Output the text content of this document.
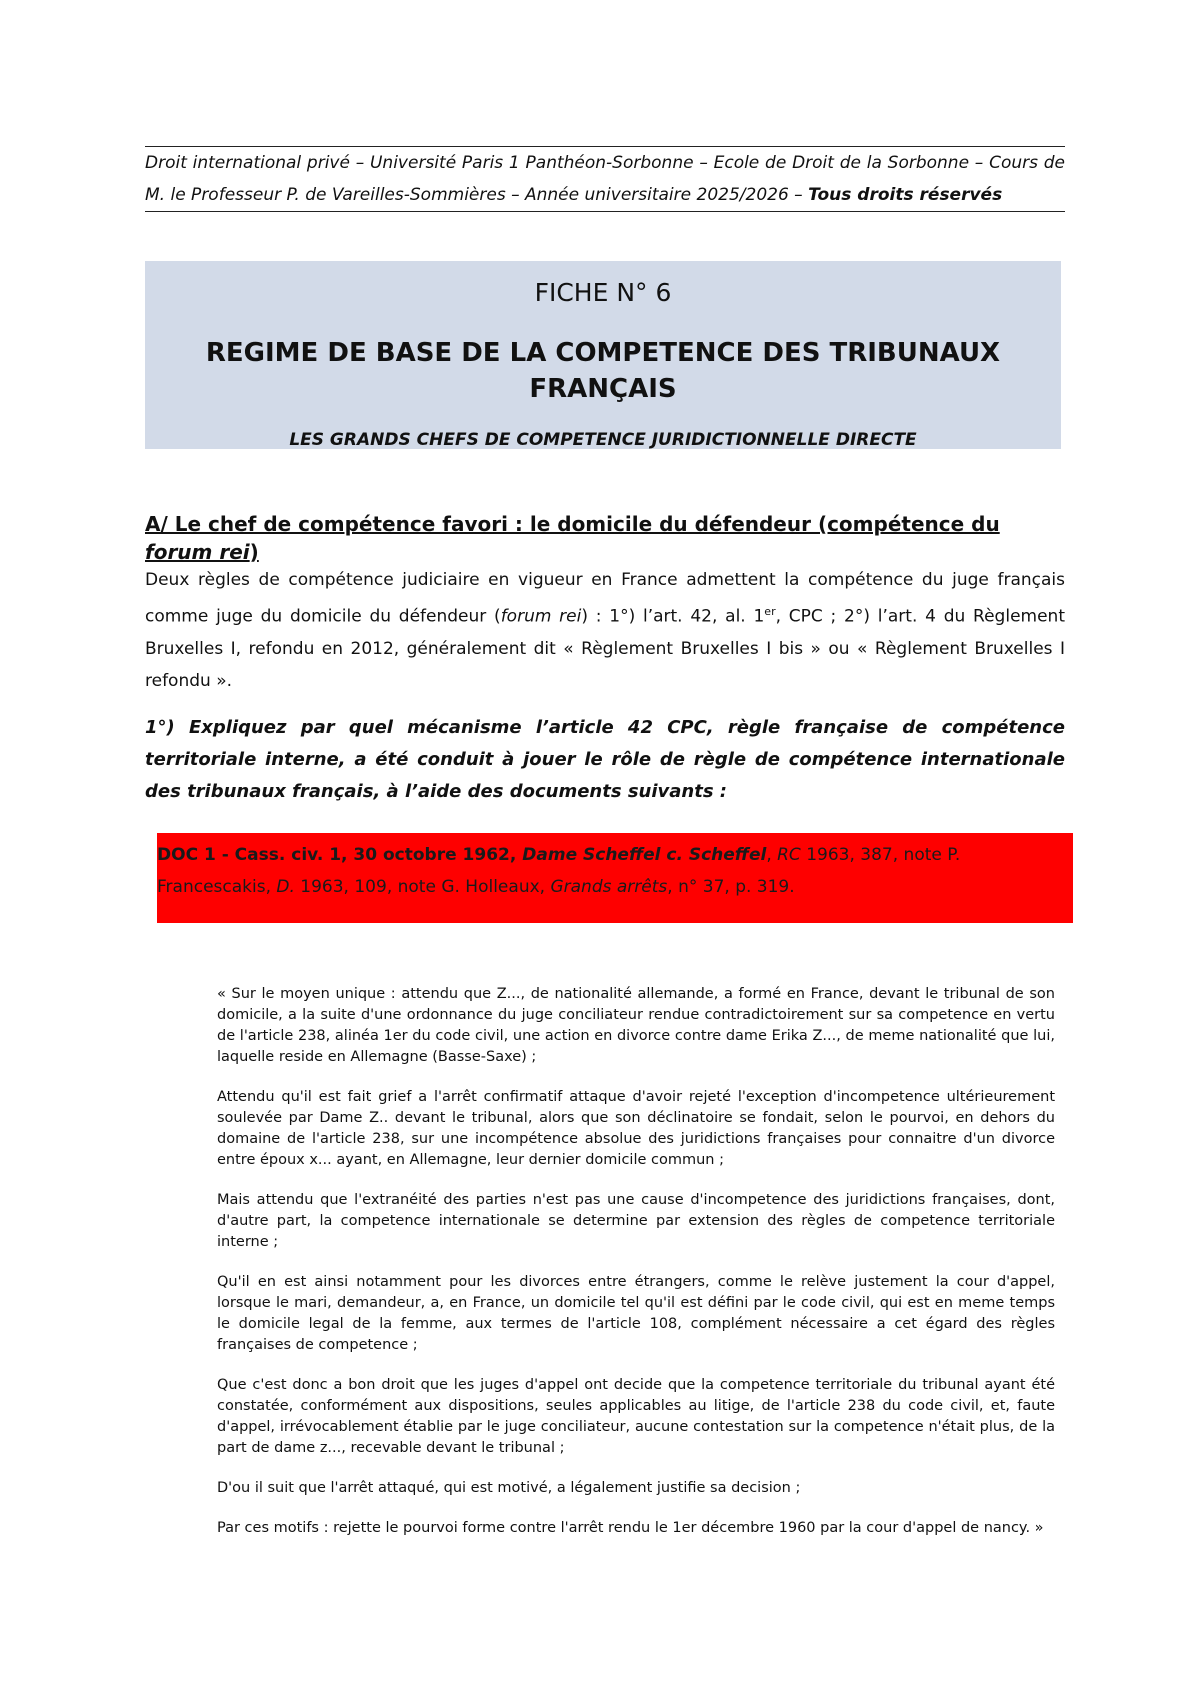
Droit international privé – Université Paris 1 Panthéon-Sorbonne – Ecole de Droit de la Sorbonne – Cours de M. le Professeur P. de Vareilles-Sommières – Année universitaire 2025/2026 – Tous droits réservés
FICHE N° 6
REGIME DE BASE DE LA COMPETENCE DES TRIBUNAUX FRANÇAIS
LES GRANDS CHEFS DE COMPETENCE JURIDICTIONNELLE DIRECTE
A/ Le chef de compétence favori : le domicile du défendeur (compétence du forum rei)
Deux règles de compétence judiciaire en vigueur en France admettent la compétence du juge français comme juge du domicile du défendeur (forum rei) : 1°) l’art. 42, al. 1er, CPC ; 2°) l’art. 4 du Règlement Bruxelles I, refondu en 2012, généralement dit « Règlement Bruxelles I bis » ou « Règlement Bruxelles I refondu ».
1°) Expliquez par quel mécanisme l’article 42 CPC, règle française de compétence territoriale interne, a été conduit à jouer le rôle de règle de compétence internationale des tribunaux français, à l’aide des documents suivants :
DOC 1 - Cass. civ. 1, 30 octobre 1962, Dame Scheffel c. Scheffel, RC 1963, 387, note P. Francescakis, D. 1963, 109, note G. Holleaux, Grands arrêts, n° 37, p. 319.

« Sur le moyen unique : attendu que Z..., de nationalité allemande, a formé en France, devant le tribunal de son domicile, a la suite d'une ordonnance du juge conciliateur rendue contradictoirement sur sa competence en vertu de l'article 238, alinéa 1er du code civil, une action en divorce contre dame Erika Z..., de meme nationalité que lui, laquelle reside en Allemagne (Basse-Saxe) ;

Attendu qu'il est fait grief a l'arrêt confirmatif attaque d'avoir rejeté l'exception d'incompetence ultérieurement soulevée par Dame Z.. devant le tribunal, alors que son déclinatoire se fondait, selon le pourvoi, en dehors du domaine de l'article 238, sur une incompétence absolue des juridictions françaises pour connaitre d'un divorce entre époux x... ayant, en Allemagne, leur dernier domicile commun ;

Mais attendu que l'extranéité des parties n'est pas une cause d'incompetence des juridictions françaises, dont, d'autre part, la competence internationale se determine par extension des règles de competence territoriale interne ;

Qu'il en est ainsi notamment pour les divorces entre étrangers, comme le relève justement la cour d'appel, lorsque le mari, demandeur, a, en France, un domicile tel qu'il est défini par le code civil, qui est en meme temps le domicile legal de la femme, aux termes de l'article 108, complément nécessaire a cet égard des règles françaises de competence ;

Que c'est donc a bon droit que les juges d'appel ont decide que la competence territoriale du tribunal ayant été constatée, conformément aux dispositions, seules applicables au litige, de l'article 238 du code civil, et, faute d'appel, irrévocablement établie par le juge conciliateur, aucune contestation sur la competence n'était plus, de la part de dame z..., recevable devant le tribunal ;

D'ou il suit que l'arrêt attaqué, qui est motivé, a légalement justifie sa decision ;

Par ces motifs : rejette le pourvoi forme contre l'arrêt rendu le 1er décembre 1960 par la cour d'appel de nancy. »
